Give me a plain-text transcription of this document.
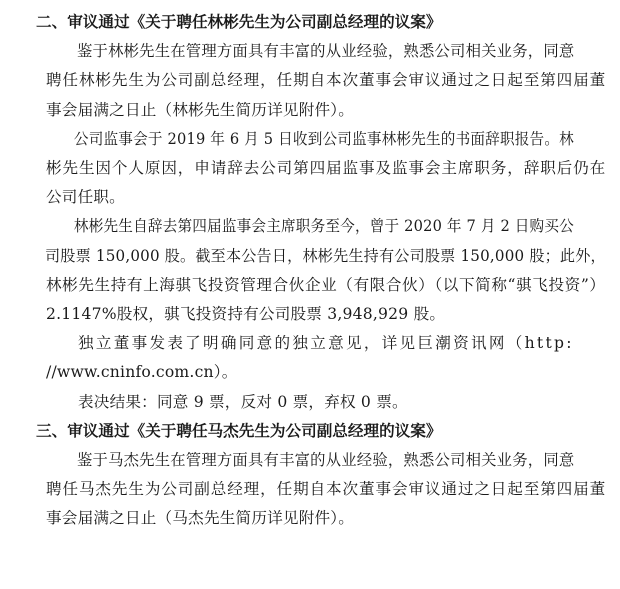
二、审议通过《关于聘任林彬先生为公司副总经理的议案》

鉴于林彬先生在管理方面具有丰富的从业经验，熟悉公司相关业务，同意
聘任林彬先生为公司副总经理，任期自本次董事会审议通过之日起至第四届董
事会届满之日止（林彬先生简历详见附件）。

公司监事会于 2019 年 6 月 5 日收到公司监事林彬先生的书面辞职报告。林
彬先生因个人原因，申请辞去公司第四届监事及监事会主席职务，辞职后仍在
公司任职。

林彬先生自辞去第四届监事会主席职务至今，曾于 2020 年 7 月 2 日购买公
司股票 150,000 股。截至本公告日，林彬先生持有公司股票 150,000 股；此外，
林彬先生持有上海骐飞投资管理合伙企业（有限合伙）（以下简称“骐飞投资”）
2.1147%股权，骐飞投资持有公司股票 3,948,929 股。

独立董事发表了明确同意的独立意见，详见巨潮资讯网（http:
//www.cninfo.com.cn）。

表决结果：同意 9 票，反对 0 票，弃权 0 票。

三、审议通过《关于聘任马杰先生为公司副总经理的议案》

鉴于马杰先生在管理方面具有丰富的从业经验，熟悉公司相关业务，同意
聘任马杰先生为公司副总经理，任期自本次董事会审议通过之日起至第四届董
事会届满之日止（马杰先生简历详见附件）。
